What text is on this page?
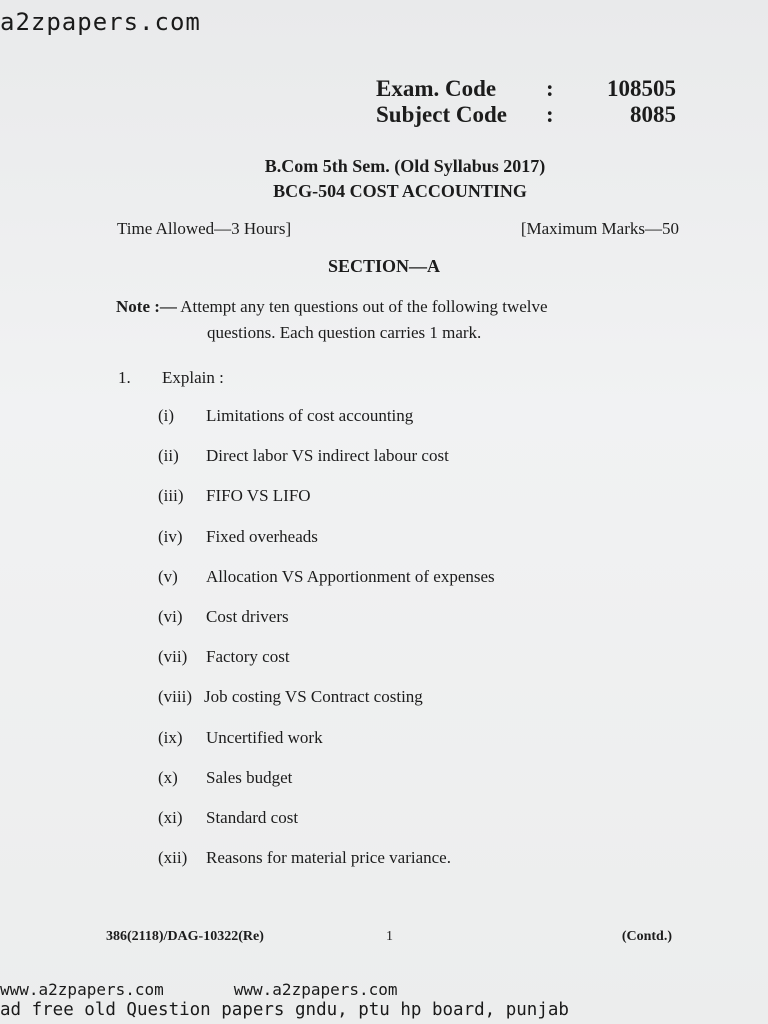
a2zpapers.com
Exam. Code	:	108505
Subject Code	:	8085
B.Com 5th Sem. (Old Syllabus 2017)
BCG-504 COST ACCOUNTING
Time Allowed—3 Hours]	[Maximum Marks—50
SECTION—A
Note :— Attempt any ten questions out of the following twelve
questions. Each question carries 1 mark.
1. Explain :
(i) Limitations of cost accounting
(ii) Direct labor VS indirect labour cost
(iii) FIFO VS LIFO
(iv) Fixed overheads
(v) Allocation VS Apportionment of expenses
(vi) Cost drivers
(vii) Factory cost
(viii) Job costing VS Contract costing
(ix) Uncertified work
(x) Sales budget
(xi) Standard cost
(xii) Reasons for material price variance.
386(2118)/DAG-10322(Re)	1	(Contd.)
www.a2zpapers.com	www.a2zpapers.com
ad free old Question papers gndu, ptu hp board, punjab
